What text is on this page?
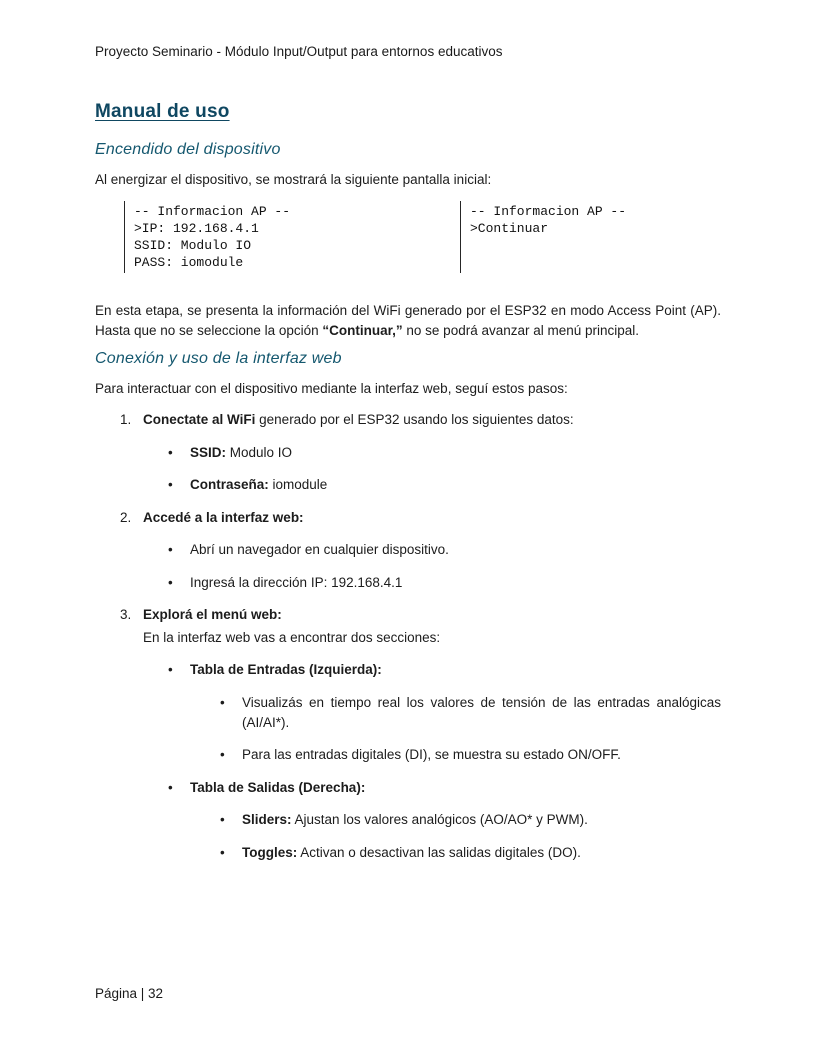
Proyecto Seminario - Módulo Input/Output para entornos educativos
Manual de uso
Encendido del dispositivo
Al energizar el dispositivo, se mostrará la siguiente pantalla inicial:
-- Informacion AP --
>IP: 192.168.4.1
SSID: Modulo IO
PASS: iomodule
-- Informacion AP --
>Continuar

En esta etapa, se presenta la información del WiFi generado por el ESP32 en modo Access Point (AP). Hasta que no se seleccione la opción “Continuar,” no se podrá avanzar al menú principal.

Conexión y uso de la interfaz web
Para interactuar con el dispositivo mediante la interfaz web, seguí estos pasos:
1. Conectate al WiFi generado por el ESP32 usando los siguientes datos:
•	SSID: Modulo IO
•	Contraseña: iomodule
2. Accedé a la interfaz web:
•	Abrí un navegador en cualquier dispositivo.
•	Ingresá la dirección IP: 192.168.4.1
3. Explorá el menú web:
En la interfaz web vas a encontrar dos secciones:
•	Tabla de Entradas (Izquierda):
•	Visualizás en tiempo real los valores de tensión de las entradas analógicas (AI/AI*).
•	Para las entradas digitales (DI), se muestra su estado ON/OFF.
•	Tabla de Salidas (Derecha):
•	Sliders: Ajustan los valores analógicos (AO/AO* y PWM).
•	Toggles: Activan o desactivan las salidas digitales (DO).
Página | 32
